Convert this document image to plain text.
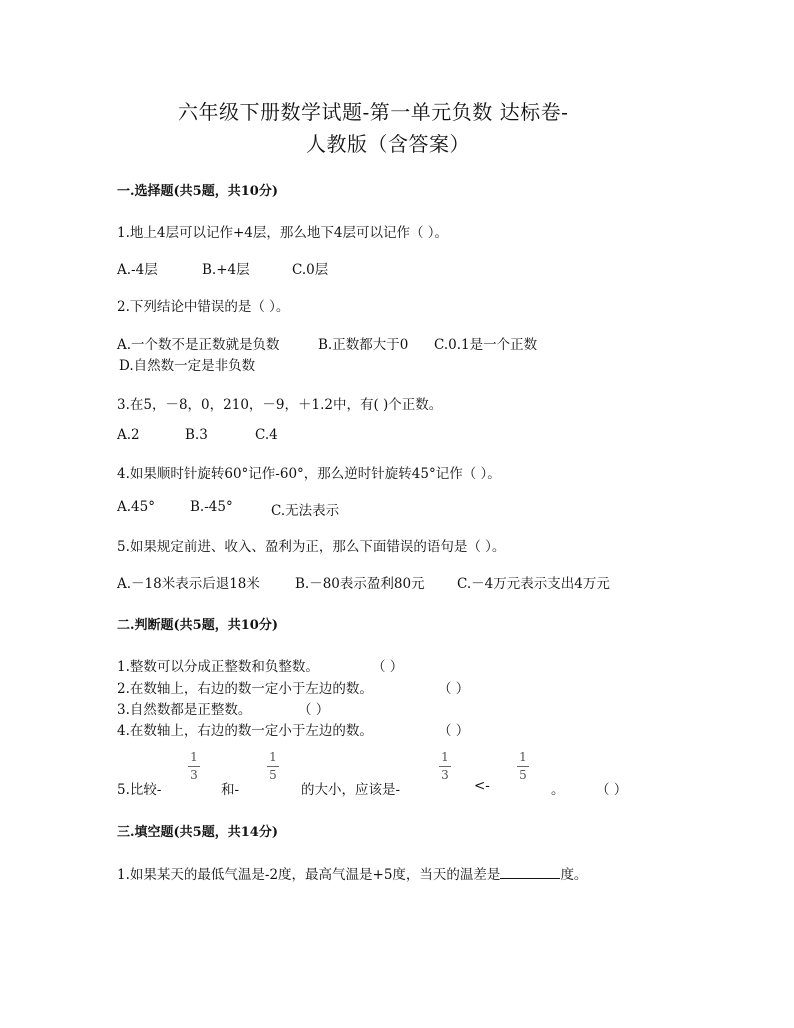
六年级下册数学试题-第一单元负数 达标卷-
人教版（含答案）
一.选择题(共5题，共10分)
1.地上4层可以记作+4层，那么地下4层可以记作（ ）。
A.-4层	B.+4层	C.0层
2.下列结论中错误的是（ ）。
A.一个数不是正数就是负数	B.正数都大于0 C.0.1是一个正数
D.自然数一定是非负数
3.在5，－8，0，210，－9，＋1.2中，有( )个正数。
A.2	B.3	C.4
4.如果顺时针旋转60°记作-60°，那么逆时针旋转45°记作（ ）。
A.45°	B.-45°	C.无法表示
5.如果规定前进、收入、盈利为正，那么下面错误的语句是（ ）。
A.－18米表示后退18米	B.－80表示盈利80元 C.－4万元表示支出4万元
二.判断题(共5题，共10分)
1.整数可以分成正整数和负整数。	（ ）
2.在数轴上，右边的数一定小于左边的数。	（ ）
3.自然数都是正整数。	（ ）
4.在数轴上，右边的数一定小于左边的数。	（ ）
5.比较-
1
3
和-
1
5
的大小，应该是-
1
3
<-
1
5
。 （ ）
三.填空题(共5题，共14分)
1.如果某天的最低气温是-2度，最高气温是+5度，当天的温差是	度。
